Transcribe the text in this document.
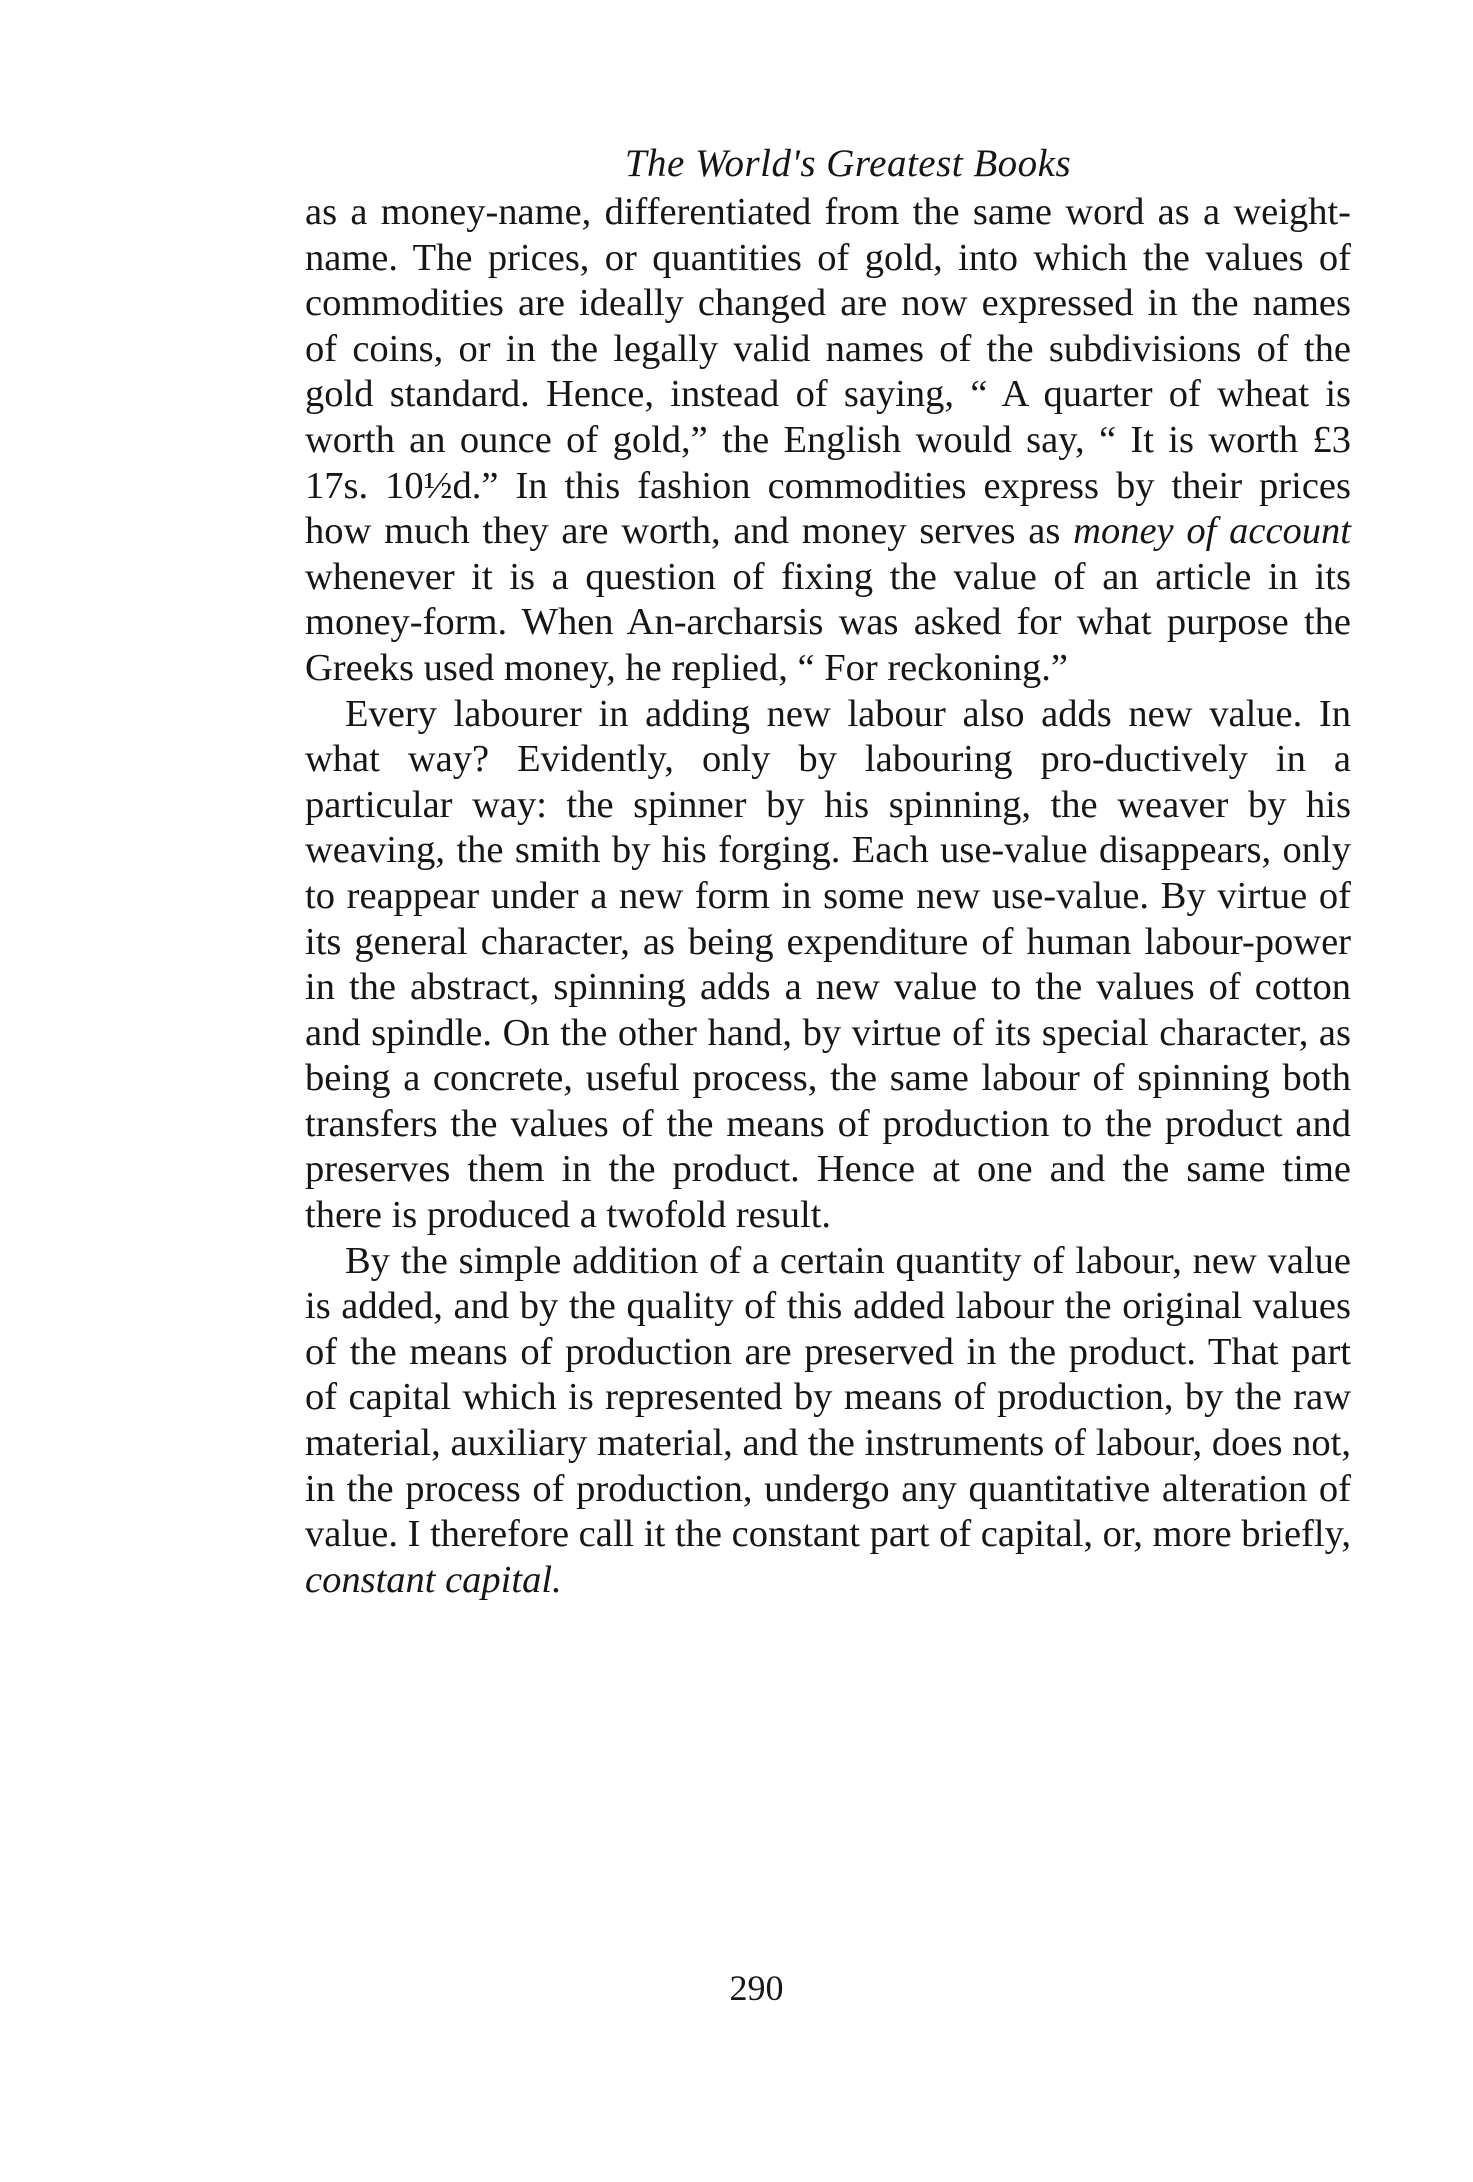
The World's Greatest Books

as a money-name, differentiated from the same word as a weight-name. The prices, or quantities of gold, into which the values of commodities are ideally changed are now expressed in the names of coins, or in the legally valid names of the subdivisions of the gold standard. Hence, instead of saying, “ A quarter of wheat is worth an ounce of gold,” the English would say, “ It is worth £3 17s. 10½d.” In this fashion commodities express by their prices how much they are worth, and money serves as money of account whenever it is a question of fixing the value of an article in its money-form. When An-archarsis was asked for what purpose the Greeks used money, he replied, “ For reckoning.”

Every labourer in adding new labour also adds new value. In what way? Evidently, only by labouring pro-ductively in a particular way: the spinner by his spinning, the weaver by his weaving, the smith by his forging. Each use-value disappears, only to reappear under a new form in some new use-value. By virtue of its general character, as being expenditure of human labour-power in the abstract, spinning adds a new value to the values of cotton and spindle. On the other hand, by virtue of its special character, as being a concrete, useful process, the same labour of spinning both transfers the values of the means of production to the product and preserves them in the product. Hence at one and the same time there is produced a twofold result.

By the simple addition of a certain quantity of labour, new value is added, and by the quality of this added labour the original values of the means of production are preserved in the product. That part of capital which is represented by means of production, by the raw material, auxiliary material, and the instruments of labour, does not, in the process of production, undergo any quantitative alteration of value. I therefore call it the constant part of capital, or, more briefly, constant capital.

290
